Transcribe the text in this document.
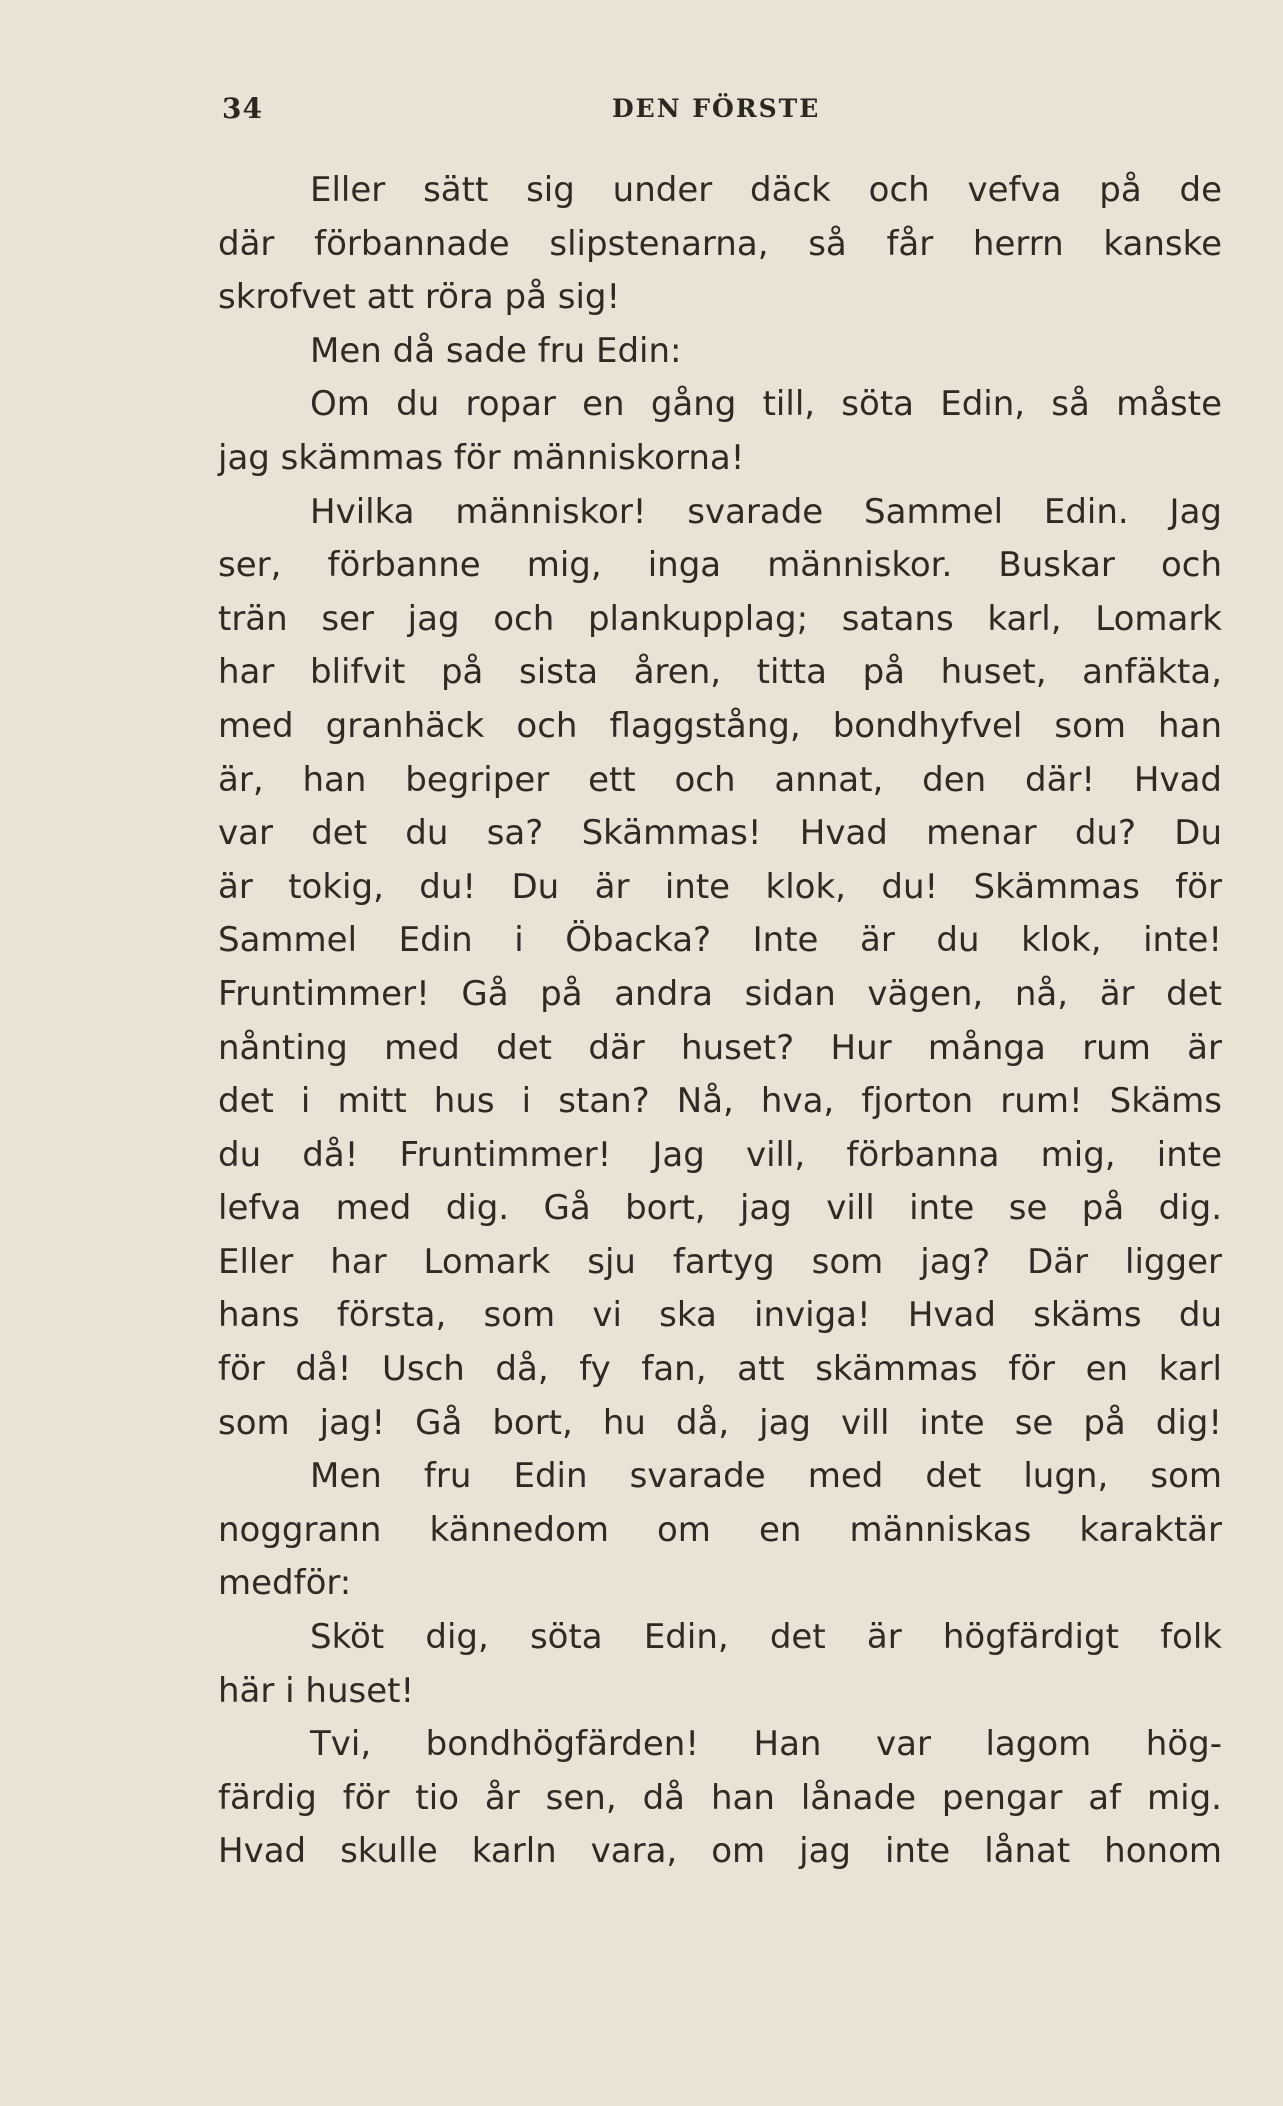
34	DEN FÖRSTE
Eller sätt sig under däck och vefva på de
där förbannade slipstenarna, så får herrn kanske
skrofvet att röra på sig!
Men då sade fru Edin:
Om du ropar en gång till, söta Edin, så måste
jag skämmas för människorna!
Hvilka människor! svarade Sammel Edin. Jag
ser, förbanne mig, inga människor. Buskar och
trän ser jag och plankupplag; satans karl, Lomark
har blifvit på sista åren, titta på huset, anfäkta,
med granhäck och flaggstång, bondhyfvel som han
är, han begriper ett och annat, den där! Hvad
var det du sa? Skämmas! Hvad menar du? Du
är tokig, du! Du är inte klok, du! Skämmas för
Sammel Edin i Öbacka? Inte är du klok, inte!
Fruntimmer! Gå på andra sidan vägen, nå, är det
nånting med det där huset? Hur många rum är
det i mitt hus i stan? Nå, hva, fjorton rum! Skäms
du då! Fruntimmer! Jag vill, förbanna mig, inte
lefva med dig. Gå bort, jag vill inte se på dig.
Eller har Lomark sju fartyg som jag? Där ligger
hans första, som vi ska inviga! Hvad skäms du
för då! Usch då, fy fan, att skämmas för en karl
som jag! Gå bort, hu då, jag vill inte se på dig!
Men fru Edin svarade med det lugn, som
noggrann kännedom om en människas karaktär
medför:
Sköt dig, söta Edin, det är högfärdigt folk
här i huset!
Tvi, bondhögfärden! Han var lagom hög-
färdig för tio år sen, då han lånade pengar af mig.
Hvad skulle karln vara, om jag inte lånat honom
